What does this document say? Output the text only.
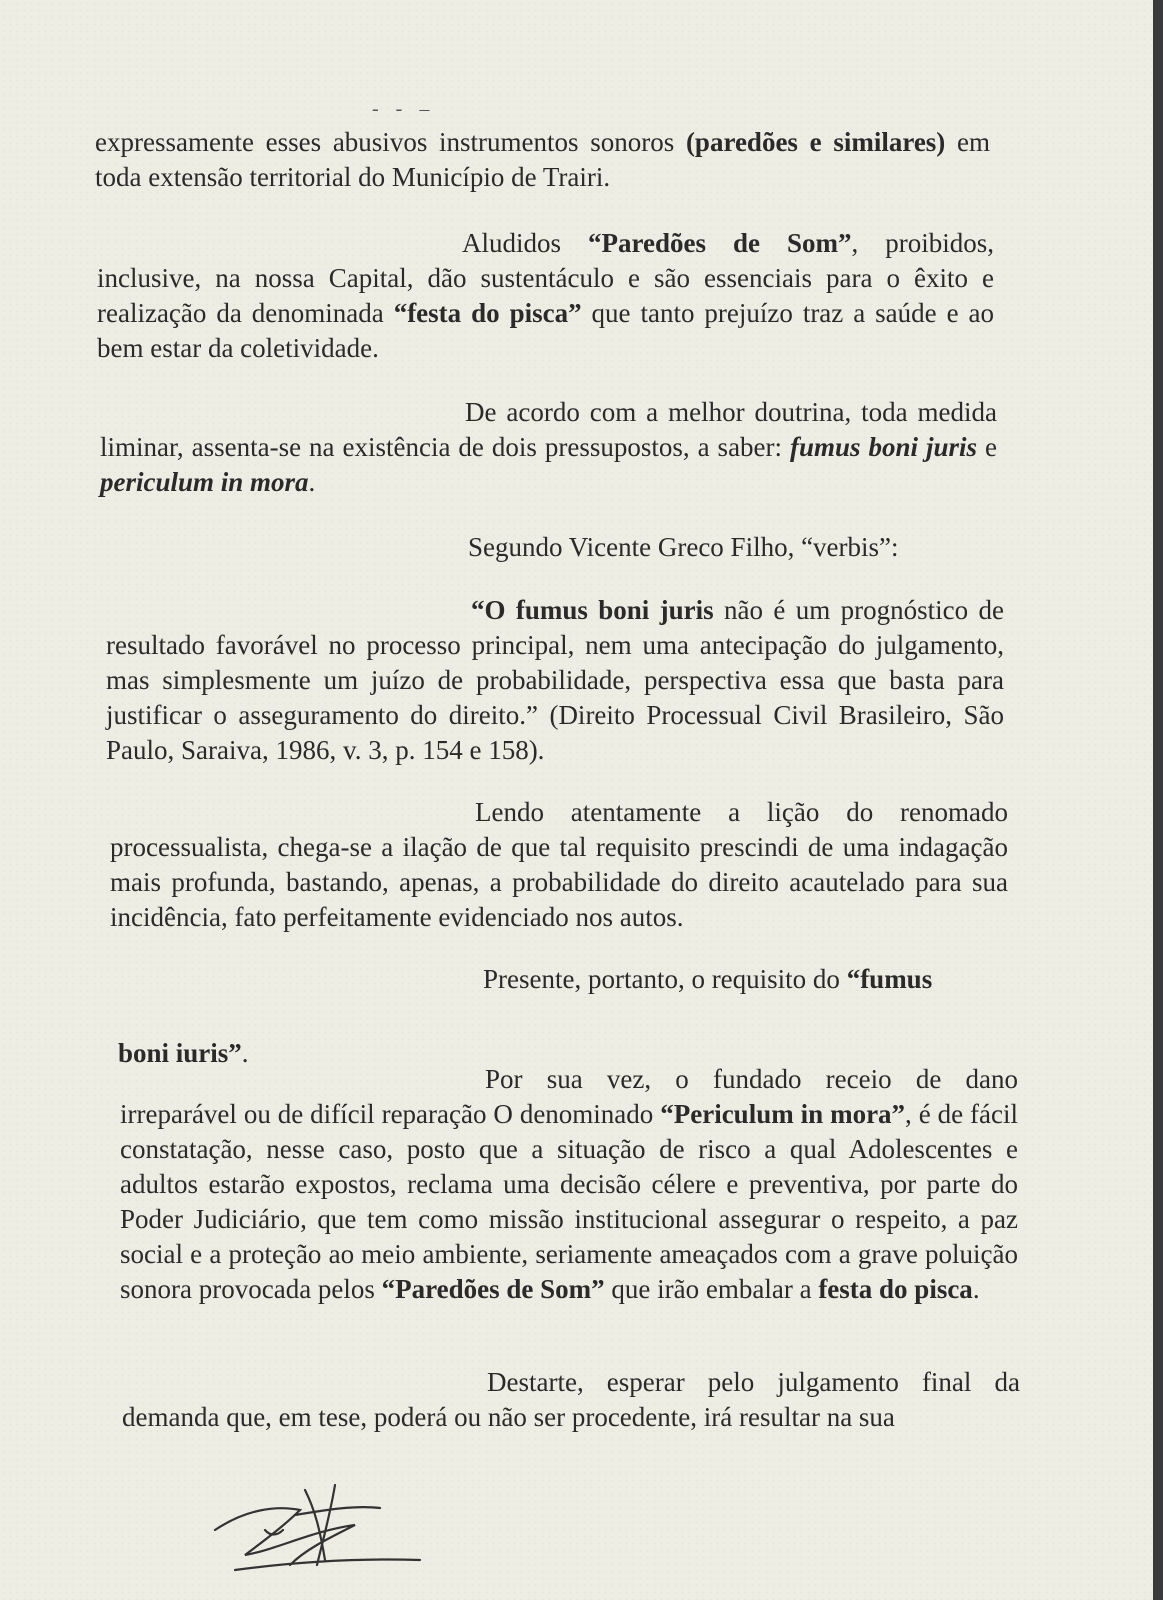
- - –

expressamente esses abusivos instrumentos sonoros (paredões e similares) em toda extensão territorial do Município de Trairi.

Aludidos “Paredões de Som”, proibidos, inclusive, na nossa Capital, dão sustentáculo e são essenciais para o êxito e realização da denominada “festa do pisca” que tanto prejuízo traz a saúde e ao bem estar da coletividade.

De acordo com a melhor doutrina, toda medida liminar, assenta-se na existência de dois pressupostos, a saber: fumus boni juris e periculum in mora.

Segundo Vicente Greco Filho, “verbis”:

“O fumus boni juris não é um prognóstico de resultado favorável no processo principal, nem uma antecipação do julgamento, mas simplesmente um juízo de probabilidade, perspectiva essa que basta para justificar o asseguramento do direito.” (Direito Processual Civil Brasileiro, São Paulo, Saraiva, 1986, v. 3, p. 154 e 158).

Lendo atentamente a lição do renomado processualista, chega-se a ilação de que tal requisito prescindi de uma indagação mais profunda, bastando, apenas, a probabilidade do direito acautelado para sua incidência, fato perfeitamente evidenciado nos autos.

Presente, portanto, o requisito do “fumus

boni iuris”.

Por sua vez, o fundado receio de dano irreparável ou de difícil reparação O denominado “Periculum in mora”, é de fácil constatação, nesse caso, posto que a situação de risco a qual Adolescentes e adultos estarão expostos, reclama uma decisão célere e preventiva, por parte do Poder Judiciário, que tem como missão institucional assegurar o respeito, a paz social e a proteção ao meio ambiente, seriamente ameaçados com a grave poluição sonora provocada pelos “Paredões de Som” que irão embalar a festa do pisca.

Destarte, esperar pelo julgamento final da demanda que, em tese, poderá ou não ser procedente, irá resultar na sua
